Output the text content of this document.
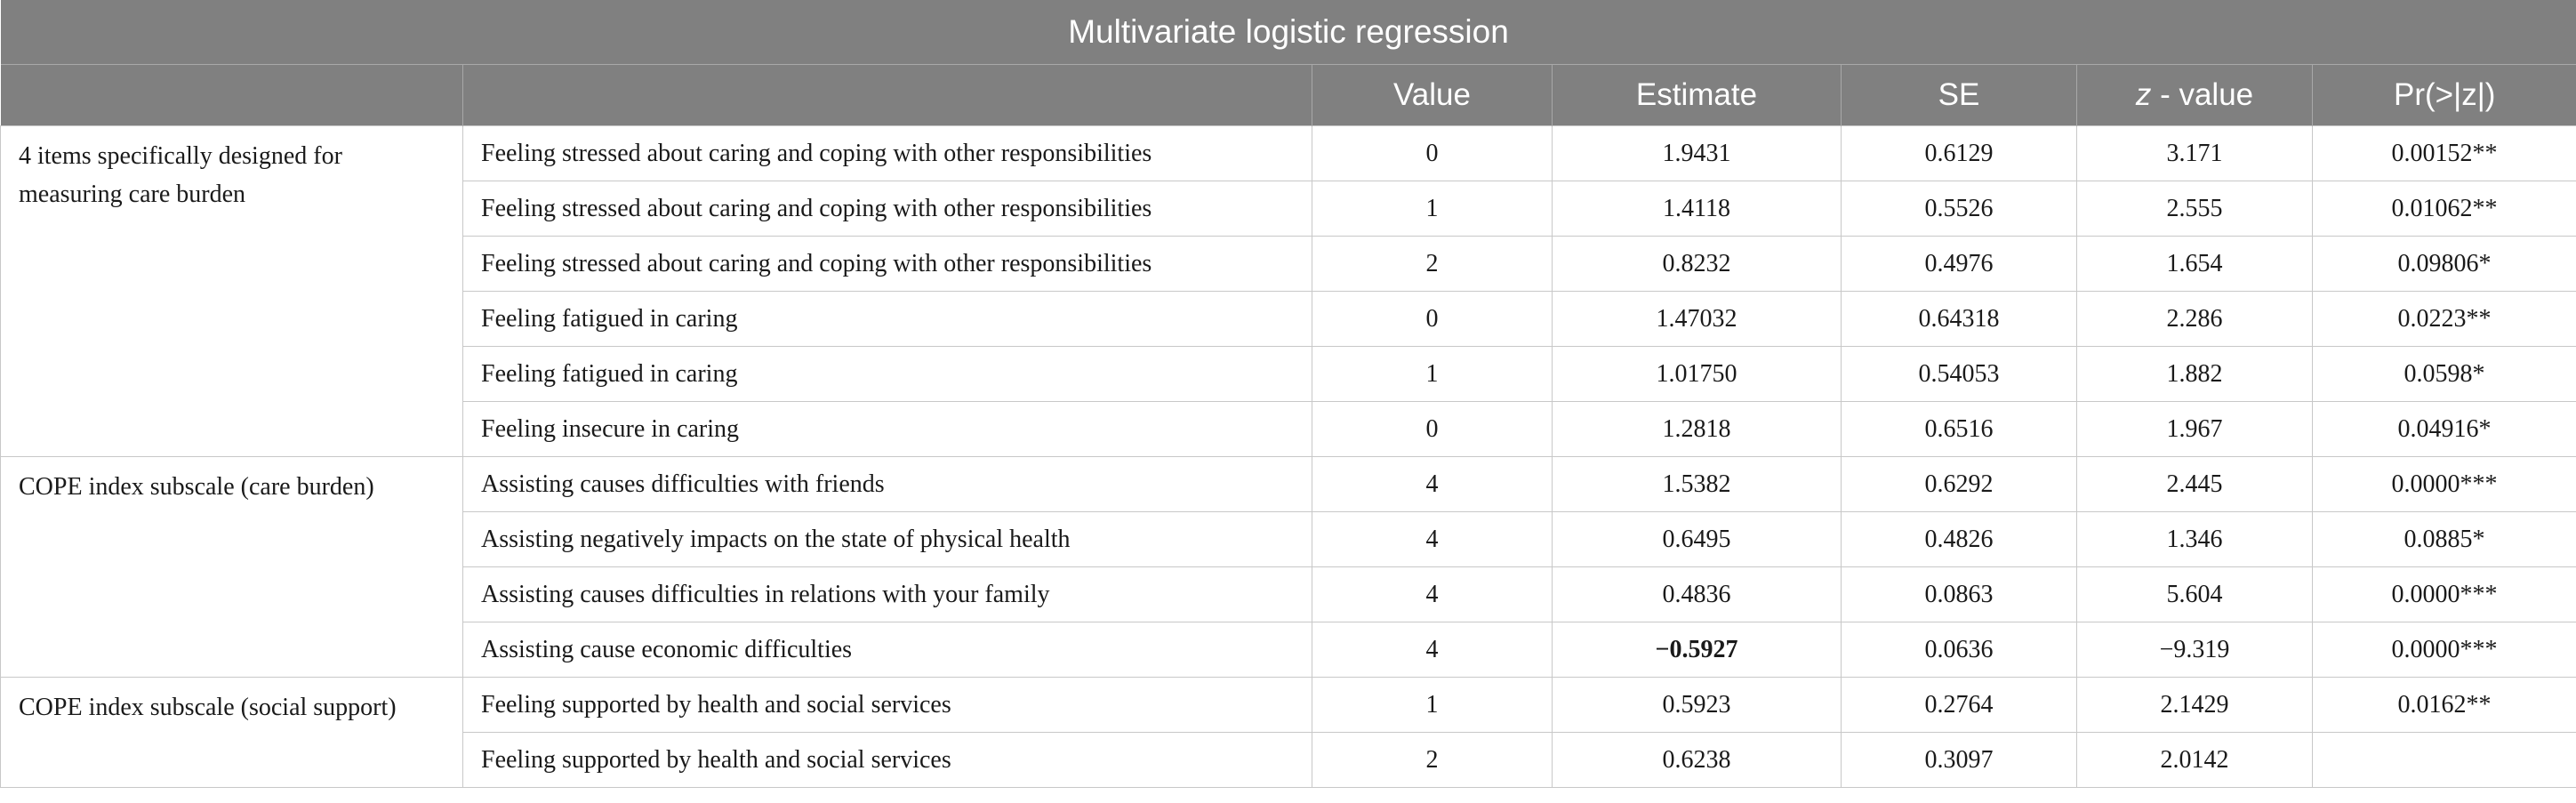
Multivariate logistic regression						
		Value	Estimate	SE	z - value	Pr(>|z|)
4 items specifically designed for measuring care burden	Feeling stressed about caring and coping with other responsibilities	0	1.9431	0.6129	3.171	0.00152**
	Feeling stressed about caring and coping with other responsibilities	1	1.4118	0.5526	2.555	0.01062**
	Feeling stressed about caring and coping with other responsibilities	2	0.8232	0.4976	1.654	0.09806*
	Feeling fatigued in caring	0	1.47032	0.64318	2.286	0.0223**
	Feeling fatigued in caring	1	1.01750	0.54053	1.882	0.0598*
	Feeling insecure in caring	0	1.2818	0.6516	1.967	0.04916*
COPE index subscale (care burden)	Assisting causes difficulties with friends	4	1.5382	0.6292	2.445	0.0000***
	Assisting negatively impacts on the state of physical health	4	0.6495	0.4826	1.346	0.0885*
	Assisting causes difficulties in relations with your family	4	0.4836	0.0863	5.604	0.0000***
	Assisting cause economic difficulties	4	−0.5927	0.0636	−9.319	0.0000***
COPE index subscale (social support)	Feeling supported by health and social services	1	0.5923	0.2764	2.1429	0.0162**
	Feeling supported by health and social services	2	0.6238	0.3097	2.0142	
